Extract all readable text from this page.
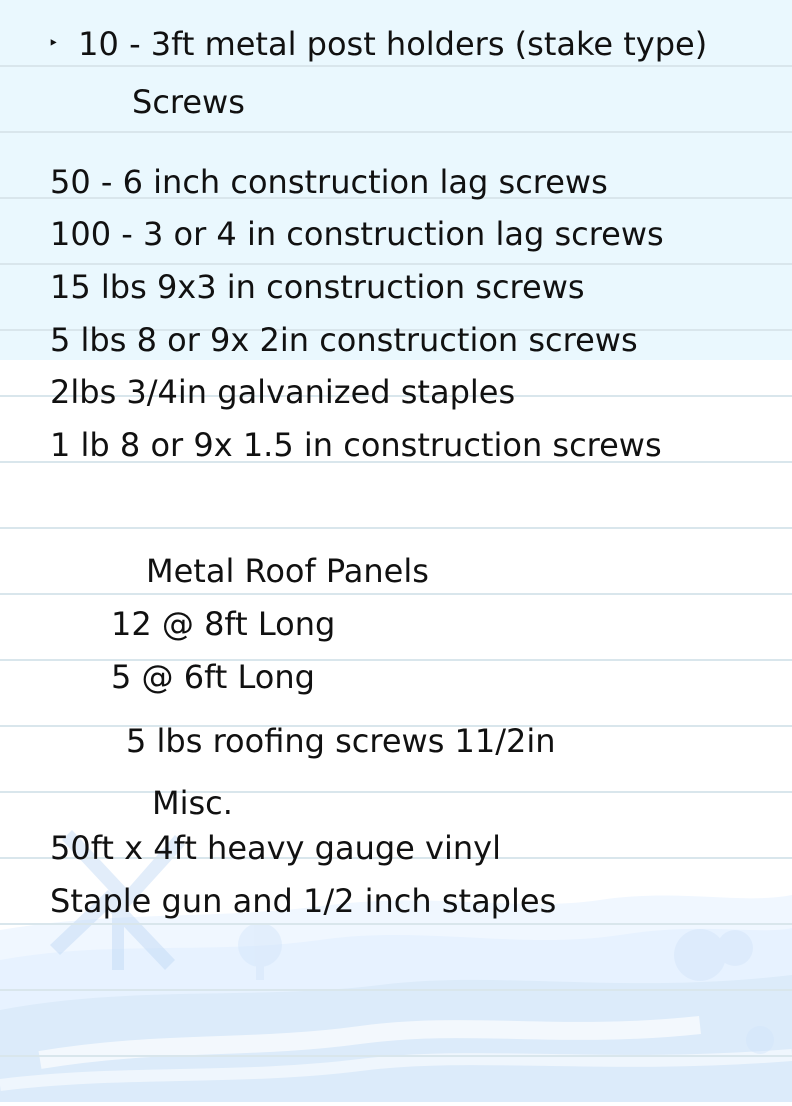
‣ 10 - 3ft metal post holders (stake type)
Screws
50 - 6 inch construction lag screws
100 - 3 or 4 in construction lag screws
15 lbs 9x3 in construction screws
5 lbs 8 or 9x 2in construction screws
2lbs 3/4in galvanized staples
1 lb 8 or 9x 1.5 in construction screws
Metal Roof Panels
12 @ 8ft Long
5 @ 6ft Long
5 lbs roofing screws 11/2in
Misc.
50ft x 4ft heavy gauge vinyl
Staple gun and 1/2 inch staples
